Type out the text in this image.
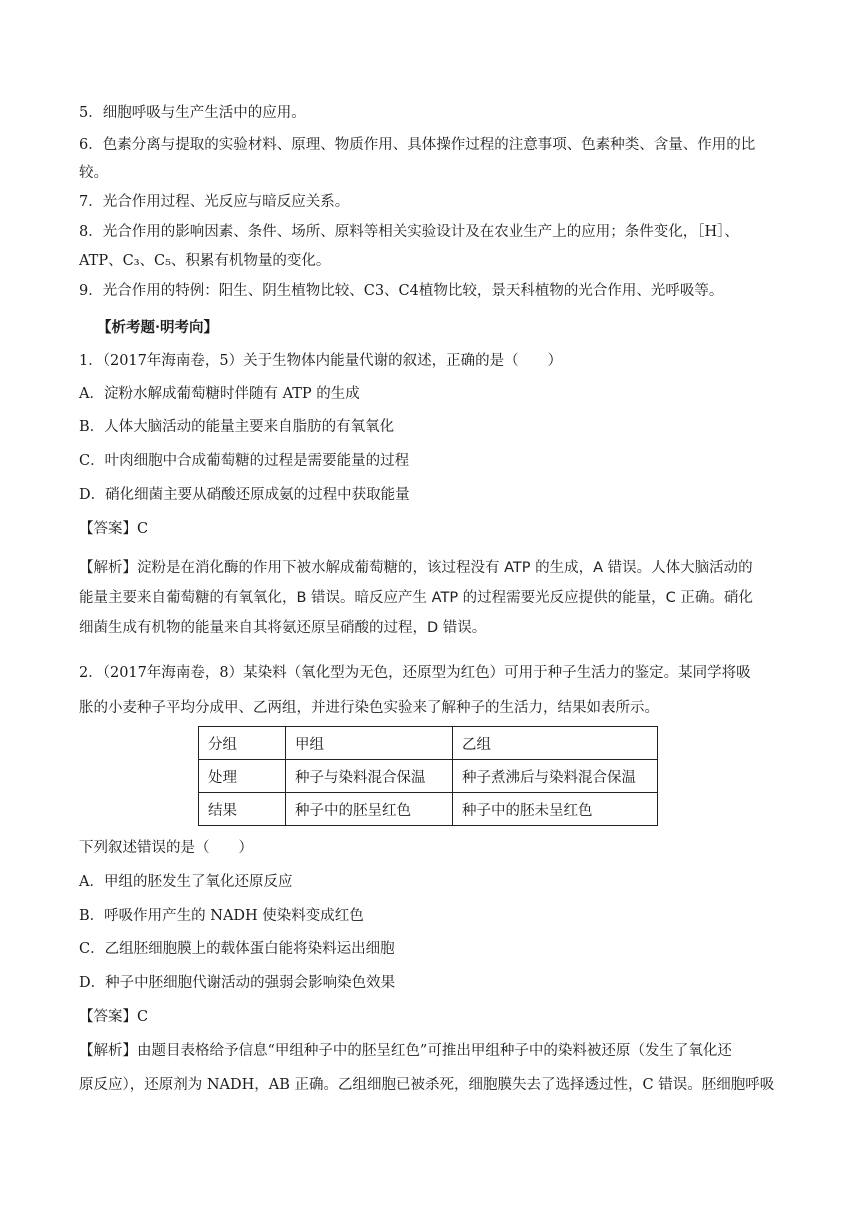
5．细胞呼吸与生产生活中的应用。
6．色素分离与提取的实验材料、原理、物质作用、具体操作过程的注意事项、色素种类、含量、作用的比
较。
7．光合作用过程、光反应与暗反应关系。
8．光合作用的影响因素、条件、场所、原料等相关实验设计及在农业生产上的应用；条件变化，［H］、
ATP、C₃、C₅、积累有机物量的变化。
9．光合作用的特例：阳生、阴生植物比较、C3、C4植物比较，景天科植物的光合作用、光呼吸等。
【析考题·明考向】
1．（2017年海南卷，5）关于生物体内能量代谢的叙述，正确的是（　　）
A．淀粉水解成葡萄糖时伴随有 ATP 的生成
B．人体大脑活动的能量主要来自脂肪的有氧氧化
C．叶肉细胞中合成葡萄糖的过程是需要能量的过程
D．硝化细菌主要从硝酸还原成氨的过程中获取能量
【答案】C
【解析】淀粉是在消化酶的作用下被水解成葡萄糖的，该过程没有 ATP 的生成，A 错误。人体大脑活动的
能量主要来自葡萄糖的有氧氧化，B 错误。暗反应产生 ATP 的过程需要光反应提供的能量，C 正确。硝化
细菌生成有机物的能量来自其将氨还原呈硝酸的过程，D 错误。
2．（2017年海南卷，8）某染料（氧化型为无色，还原型为红色）可用于种子生活力的鉴定。某同学将吸
胀的小麦种子平均分成甲、乙两组，并进行染色实验来了解种子的生活力，结果如表所示。
分组	甲组	乙组
处理	种子与染料混合保温	种子煮沸后与染料混合保温
结果	种子中的胚呈红色	种子中的胚未呈红色
下列叙述错误的是（　　）
A．甲组的胚发生了氧化还原反应
B．呼吸作用产生的 NADH 使染料变成红色
C．乙组胚细胞膜上的载体蛋白能将染料运出细胞
D．种子中胚细胞代谢活动的强弱会影响染色效果
【答案】C
【解析】由题目表格给予信息“甲组种子中的胚呈红色”可推出甲组种子中的染料被还原（发生了氧化还
原反应），还原剂为 NADH，AB 正确。乙组细胞已被杀死，细胞膜失去了选择透过性，C 错误。胚细胞呼吸
